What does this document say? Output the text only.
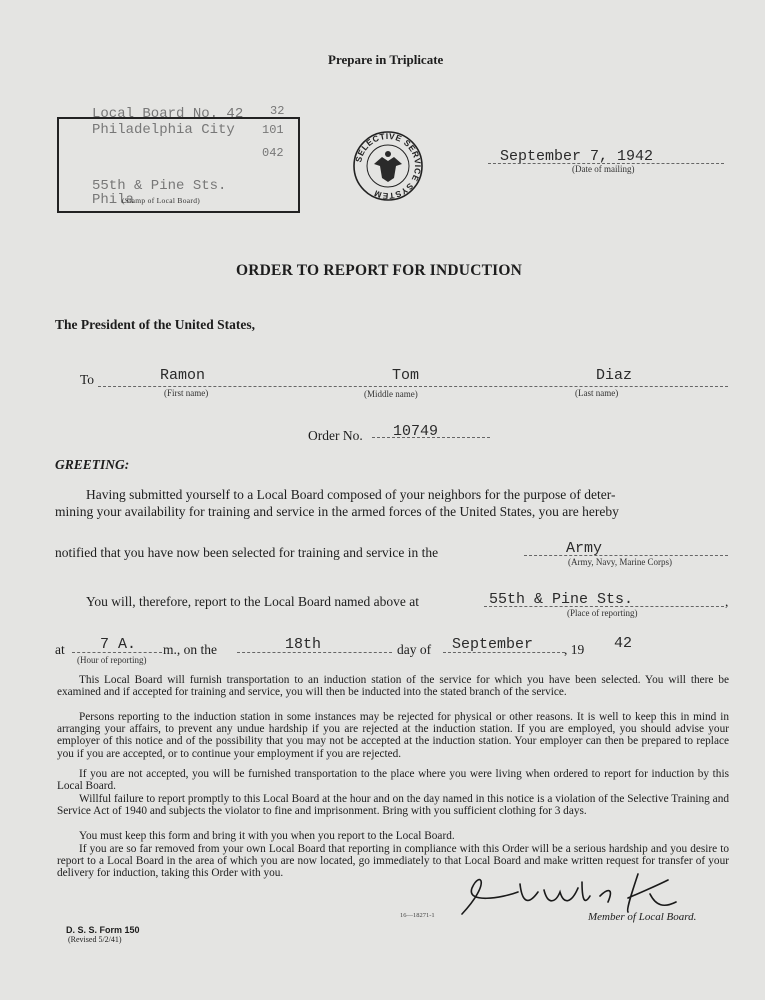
Prepare in Triplicate
Local Board No. 42 32
Philadelphia City 101
042
55th & Pine Sts.
Phila
(Stamp of Local Board)
SELECTIVE SERVICE SYSTEM
September 7, 1942
(Date of mailing)
ORDER TO REPORT FOR INDUCTION
The President of the United States,
To	Ramon
(First name)
Tom
(Middle name)
Diaz
(Last name)
Order No. 10749
GREETING:
Having submitted yourself to a Local Board composed of your neighbors for the purpose of deter-
mining your availability for training and service in the armed forces of the United States, you are hereby
notified that you have now been selected for training and service in the	Army
(Army, Navy, Marine Corps)
You will, therefore, report to the Local Board named above at	55th & Pine Sts.	,
(Place of reporting)
at 7 A.
(Hour of reporting)
m., on the	18th	day of September , 19 42
This Local Board will furnish transportation to an induction station of the service for which you have been selected. You will there be examined and if accepted for training and service, you will then be inducted into the stated branch of the service.
Persons reporting to the induction station in some instances may be rejected for physical or other reasons. It is well to keep this in mind in arranging your affairs, to prevent any undue hardship if you are rejected at the induction station. If you are employed, you should advise your employer of this notice and of the possibility that you may not be accepted at the induction station. Your employer can then be prepared to replace you if you are accepted, or to continue your employment if you are rejected.
If you are not accepted, you will be furnished transportation to the place where you were living when ordered to report for induction by this Local Board.
Willful failure to report promptly to this Local Board at the hour and on the day named in this notice is a violation of the Selective Training and Service Act of 1940 and subjects the violator to fine and imprisonment. Bring with you sufficient clothing for 3 days.
You must keep this form and bring it with you when you report to the Local Board.
If you are so far removed from your own Local Board that reporting in compliance with this Order will be a serious hardship and you desire to report to a Local Board in the area of which you are now located, go immediately to that Local Board and make written request for transfer of your delivery for induction, taking this Order with you.
Member of Local Board.
16—18271-1
D. S. S. Form 150
(Revised 5/2/41)
